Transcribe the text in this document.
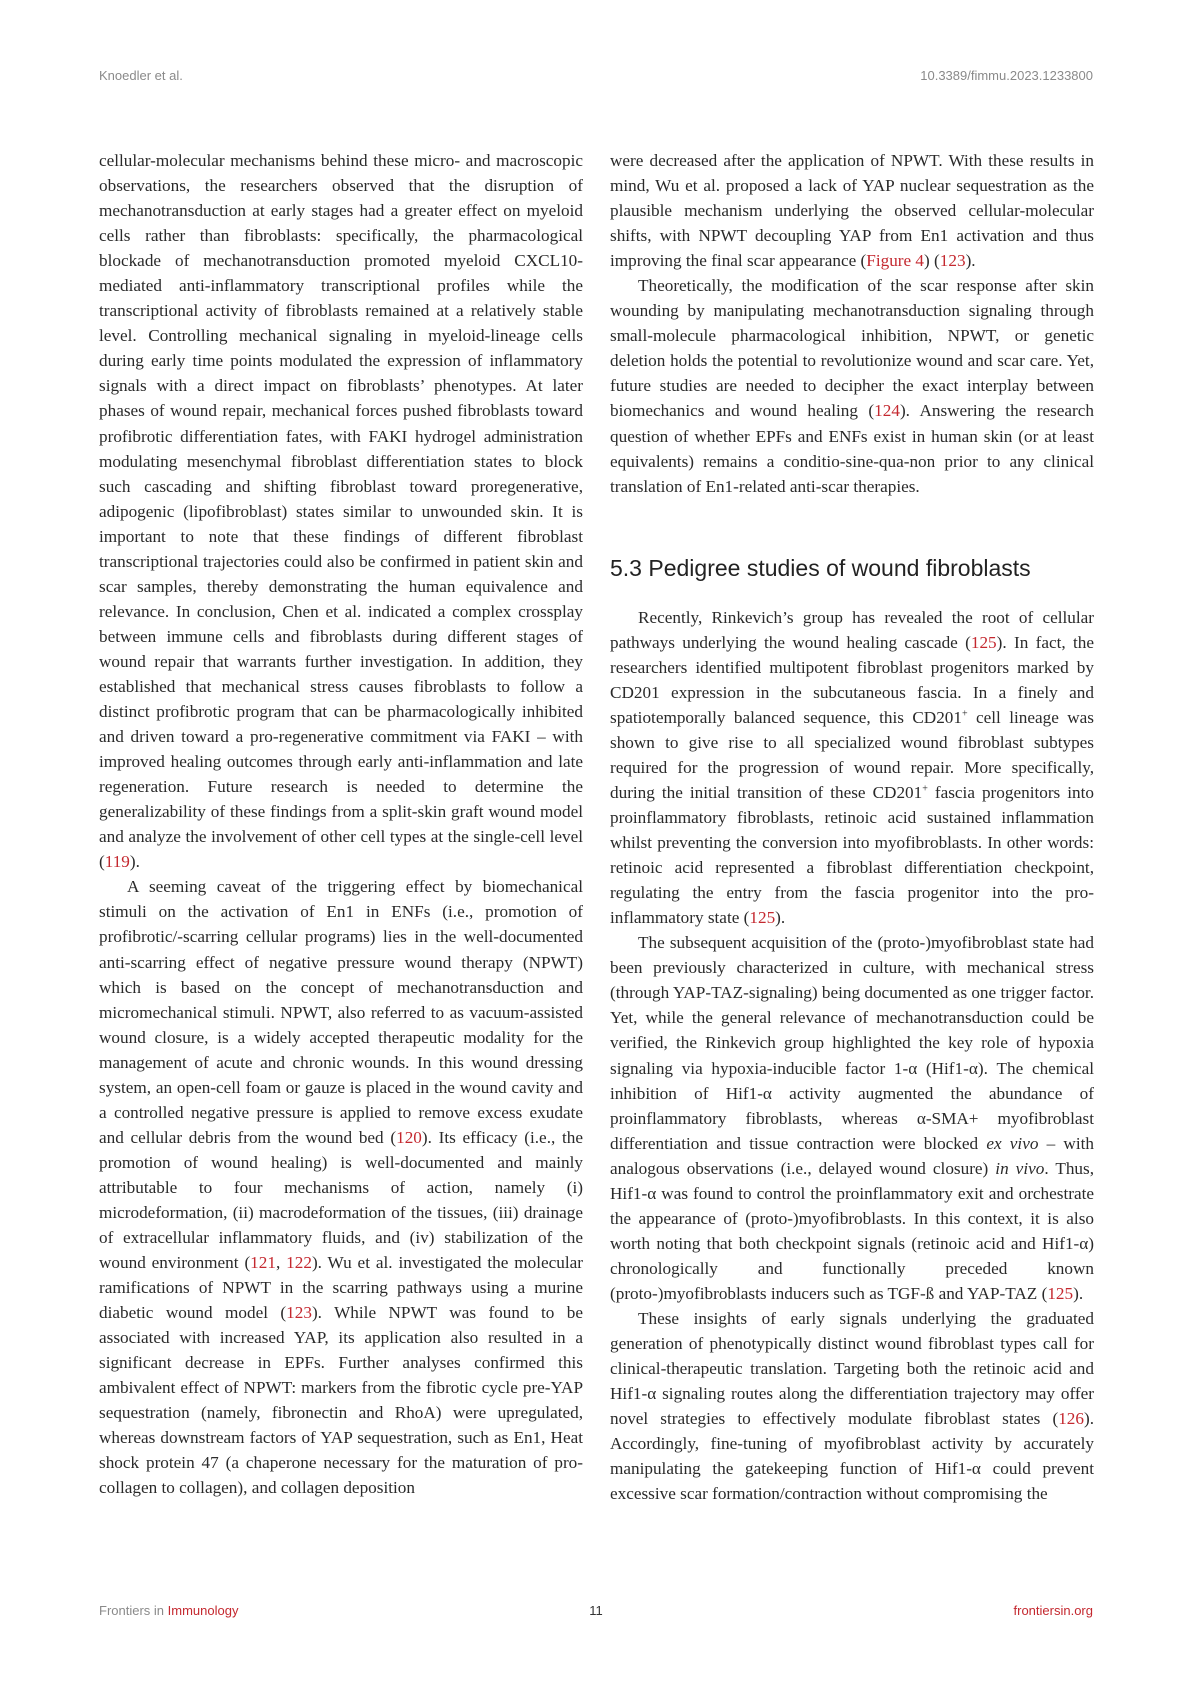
Knoedler et al.	10.3389/fimmu.2023.1233800

cellular-molecular mechanisms behind these micro- and macroscopic observations, the researchers observed that the disruption of mechanotransduction at early stages had a greater effect on myeloid cells rather than fibroblasts: specifically, the pharmacological blockade of mechanotransduction promoted myeloid CXCL10-mediated anti-inflammatory transcriptional profiles while the transcriptional activity of fibroblasts remained at a relatively stable level. Controlling mechanical signaling in myeloid-lineage cells during early time points modulated the expression of inflammatory signals with a direct impact on fibroblasts’ phenotypes. At later phases of wound repair, mechanical forces pushed fibroblasts toward profibrotic differentiation fates, with FAKI hydrogel administration modulating mesenchymal fibroblast differentiation states to block such cascading and shifting fibroblast toward proregenerative, adipogenic (lipofibroblast) states similar to unwounded skin. It is important to note that these findings of different fibroblast transcriptional trajectories could also be confirmed in patient skin and scar samples, thereby demonstrating the human equivalence and relevance. In conclusion, Chen et al. indicated a complex crossplay between immune cells and fibroblasts during different stages of wound repair that warrants further investigation. In addition, they established that mechanical stress causes fibroblasts to follow a distinct profibrotic program that can be pharmacologically inhibited and driven toward a pro-regenerative commitment via FAKI – with improved healing outcomes through early anti-inflammation and late regeneration. Future research is needed to determine the generalizability of these findings from a split-skin graft wound model and analyze the involvement of other cell types at the single-cell level (119).

A seeming caveat of the triggering effect by biomechanical stimuli on the activation of En1 in ENFs (i.e., promotion of profibrotic/-scarring cellular programs) lies in the well-documented anti-scarring effect of negative pressure wound therapy (NPWT) which is based on the concept of mechanotransduction and micromechanical stimuli. NPWT, also referred to as vacuum-assisted wound closure, is a widely accepted therapeutic modality for the management of acute and chronic wounds. In this wound dressing system, an open-cell foam or gauze is placed in the wound cavity and a controlled negative pressure is applied to remove excess exudate and cellular debris from the wound bed (120). Its efficacy (i.e., the promotion of wound healing) is well-documented and mainly attributable to four mechanisms of action, namely (i) microdeformation, (ii) macrodeformation of the tissues, (iii) drainage of extracellular inflammatory fluids, and (iv) stabilization of the wound environment (121, 122). Wu et al. investigated the molecular ramifications of NPWT in the scarring pathways using a murine diabetic wound model (123). While NPWT was found to be associated with increased YAP, its application also resulted in a significant decrease in EPFs. Further analyses confirmed this ambivalent effect of NPWT: markers from the fibrotic cycle pre-YAP sequestration (namely, fibronectin and RhoA) were upregulated, whereas downstream factors of YAP sequestration, such as En1, Heat shock protein 47 (a chaperone necessary for the maturation of pro-collagen to collagen), and collagen deposition

were decreased after the application of NPWT. With these results in mind, Wu et al. proposed a lack of YAP nuclear sequestration as the plausible mechanism underlying the observed cellular-molecular shifts, with NPWT decoupling YAP from En1 activation and thus improving the final scar appearance (Figure 4) (123).

Theoretically, the modification of the scar response after skin wounding by manipulating mechanotransduction signaling through small-molecule pharmacological inhibition, NPWT, or genetic deletion holds the potential to revolutionize wound and scar care. Yet, future studies are needed to decipher the exact interplay between biomechanics and wound healing (124). Answering the research question of whether EPFs and ENFs exist in human skin (or at least equivalents) remains a conditio-sine-qua-non prior to any clinical translation of En1-related anti-scar therapies.

5.3 Pedigree studies of wound fibroblasts

Recently, Rinkevich’s group has revealed the root of cellular pathways underlying the wound healing cascade (125). In fact, the researchers identified multipotent fibroblast progenitors marked by CD201 expression in the subcutaneous fascia. In a finely and spatiotemporally balanced sequence, this CD201+ cell lineage was shown to give rise to all specialized wound fibroblast subtypes required for the progression of wound repair. More specifically, during the initial transition of these CD201+ fascia progenitors into proinflammatory fibroblasts, retinoic acid sustained inflammation whilst preventing the conversion into myofibroblasts. In other words: retinoic acid represented a fibroblast differentiation checkpoint, regulating the entry from the fascia progenitor into the pro-inflammatory state (125).

The subsequent acquisition of the (proto-)myofibroblast state had been previously characterized in culture, with mechanical stress (through YAP-TAZ-signaling) being documented as one trigger factor. Yet, while the general relevance of mechanotransduction could be verified, the Rinkevich group highlighted the key role of hypoxia signaling via hypoxia-inducible factor 1-α (Hif1-α). The chemical inhibition of Hif1-α activity augmented the abundance of proinflammatory fibroblasts, whereas α-SMA+ myofibroblast differentiation and tissue contraction were blocked ex vivo – with analogous observations (i.e., delayed wound closure) in vivo. Thus, Hif1-α was found to control the proinflammatory exit and orchestrate the appearance of (proto-)myofibroblasts. In this context, it is also worth noting that both checkpoint signals (retinoic acid and Hif1-α) chronologically and functionally preceded known (proto-)myofibroblasts inducers such as TGF-ß and YAP-TAZ (125).

These insights of early signals underlying the graduated generation of phenotypically distinct wound fibroblast types call for clinical-therapeutic translation. Targeting both the retinoic acid and Hif1-α signaling routes along the differentiation trajectory may offer novel strategies to effectively modulate fibroblast states (126). Accordingly, fine-tuning of myofibroblast activity by accurately manipulating the gatekeeping function of Hif1-α could prevent excessive scar formation/contraction without compromising the

Frontiers in Immunology	11	frontiersin.org
